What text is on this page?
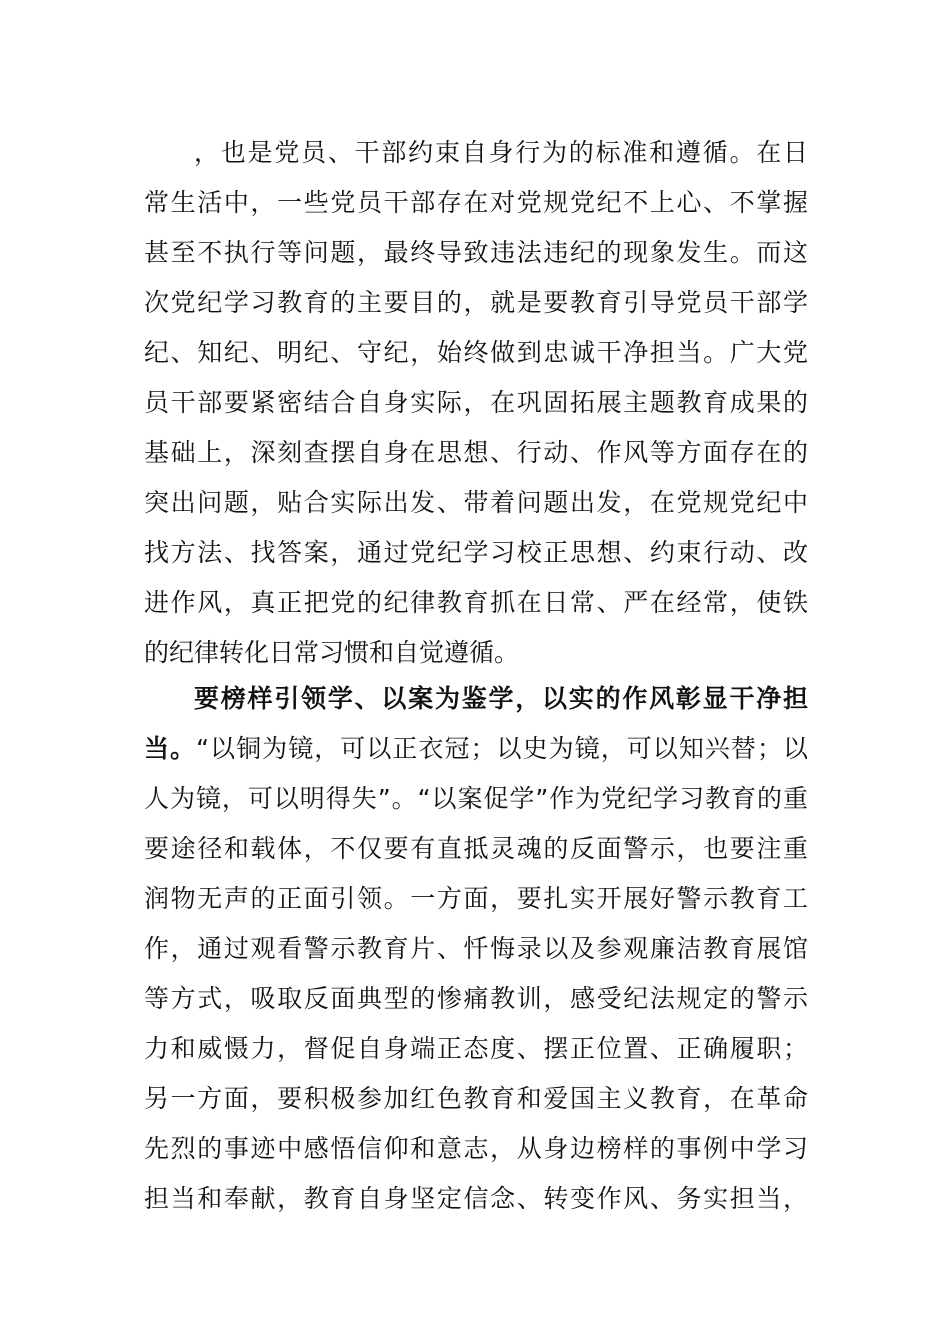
，也是党员、干部约束自身行为的标准和遵循。在日
常生活中，一些党员干部存在对党规党纪不上心、不掌握
甚至不执行等问题，最终导致违法违纪的现象发生。而这
次党纪学习教育的主要目的，就是要教育引导党员干部学
纪、知纪、明纪、守纪，始终做到忠诚干净担当。广大党
员干部要紧密结合自身实际，在巩固拓展主题教育成果的
基础上，深刻查摆自身在思想、行动、作风等方面存在的
突出问题，贴合实际出发、带着问题出发，在党规党纪中
找方法、找答案，通过党纪学习校正思想、约束行动、改
进作风，真正把党的纪律教育抓在日常、严在经常，使铁
的纪律转化日常习惯和自觉遵循。
要榜样引领学、以案为鉴学，以实的作风彰显干净担
当。“以铜为镜，可以正衣冠；以史为镜，可以知兴替；以
人为镜，可以明得失”。“以案促学”作为党纪学习教育的重
要途径和载体，不仅要有直抵灵魂的反面警示，也要注重
润物无声的正面引领。一方面，要扎实开展好警示教育工
作，通过观看警示教育片、忏悔录以及参观廉洁教育展馆
等方式，吸取反面典型的惨痛教训，感受纪法规定的警示
力和威慑力，督促自身端正态度、摆正位置、正确履职；
另一方面，要积极参加红色教育和爱国主义教育，在革命
先烈的事迹中感悟信仰和意志，从身边榜样的事例中学习
担当和奉献，教育自身坚定信念、转变作风、务实担当，
